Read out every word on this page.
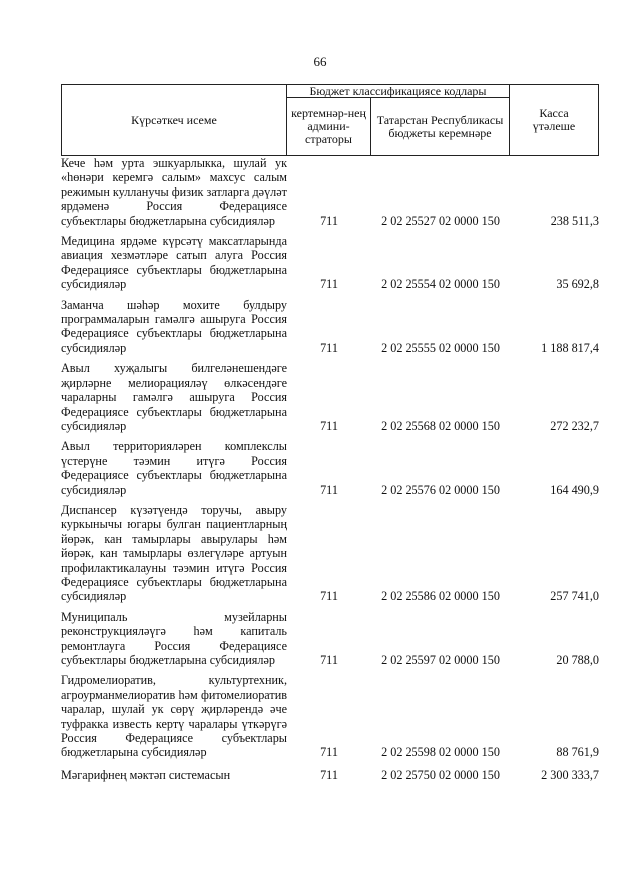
66
Күрсәткеч исеме
Бюджет классификациясе кодлары
кертемнәр-нең админи-страторы
Татарстан Республикасы бюджеты керемнәре
Касса
үтәлеше
Кече һәм урта эшкуарлыкка, шулай ук «һөнәри керемгә салым» махсус салым режимын кулланучы физик затларга дәүләт ярдәменә Россия Федерациясе субъектлары бюджетларына субсидияләр	711	2 02 25527 02 0000 150	238 511,3
Медицина ярдәме күрсәтү максатларында авиация хезмәтләре сатып алуга Россия Федерациясе субъектлары бюджетларына субсидияләр	711	2 02 25554 02 0000 150	35 692,8
Заманча шәһәр мохите булдыру программаларын гамәлгә ашыруга Россия Федерациясе субъектлары бюджетларына субсидияләр	711	2 02 25555 02 0000 150	1 188 817,4
Авыл хуҗалыгы билгеләнешендәге җирләрне мелиорацияләү өлкәсендәге чараларны гамәлгә ашыруга Россия Федерациясе субъектлары бюджетларына субсидияләр	711	2 02 25568 02 0000 150	272 232,7
Авыл территорияләрен комплекслы үстерүне тәэмин итүгә Россия Федерациясе субъектлары бюджетларына субсидияләр	711	2 02 25576 02 0000 150	164 490,9
Диспансер күзәтүендә торучы, авыру куркынычы югары булган пациентларның йөрәк, кан тамырлары авырулары һәм йөрәк, кан тамырлары өзлегүләре артуын профилактикалауны тәэмин итүгә Россия Федерациясе субъектлары бюджетларына субсидияләр	711	2 02 25586 02 0000 150	257 741,0
Муниципаль музейларны реконструкцияләүгә һәм капиталь ремонтлауга Россия Федерациясе субъектлары бюджетларына субсидияләр	711	2 02 25597 02 0000 150	20 788,0
Гидромелиоратив, культуртехник, агроурманмелиоратив һәм фитомелиоратив чаралар, шулай ук сөрү җирләрендә әче туфракка известь кертү чаралары үткәрүгә Россия Федерациясе субъектлары бюджетларына субсидияләр	711	2 02 25598 02 0000 150	88 761,9
Мәгарифнең мәктәп системасын	711	2 02 25750 02 0000 150	2 300 333,7
